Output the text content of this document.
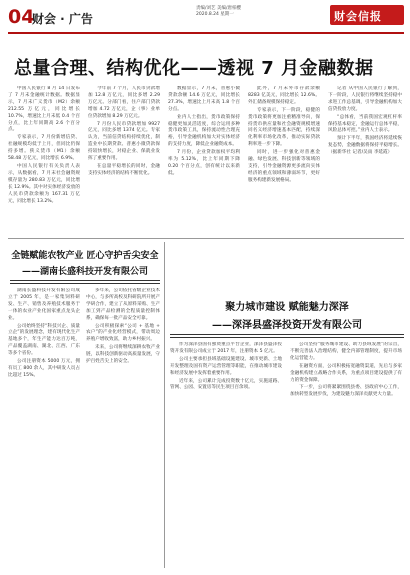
04
财会 · 广告
责编/刘艺 美编/唐柏樱
2020.8.24 星期一	财会信报
总量合理、结构优化——透视 7 月金融数据

中国人民银行 8 月 14 日发布了 7 月末金融统计数据。数据显示，7 月末广义货币（M2）余额 212.55 万亿元，同比增长 10.7%，增速比上月末低 0.4 个百分点，比上年同期高 2.6 个百分点。

专家表示，7 月份新增信贷、社融规模均低于上月，但同比仍保持多增。狭义货币（M1）余额 58.48 万亿元，同比增长 6.9%。

中国人民银行有关负责人表示，从数据看，7 月末社会融资规模存量为 280.83 万亿元，同比增长 12.9%。其中对实体经济发放的人民币贷款余额为 167.31 万亿元，同比增长 13.2%。

今年前 7 个月，人民币贷款增加 12.8 万亿元，同比多增 2.29 万亿元。分部门看，住户部门贷款增加 4.72 万亿元，企（事）业单位贷款增加 8.29 万亿元。

7 月份人民币贷款增加 9927 亿元，同比多增 1374 亿元。专家认为，当前信贷结构持续优化，制造业中长期贷款、普惠小微贷款保持较快增长，对稳企业、保就业发挥了重要作用。

在总量平稳增长的同时，金融支持实体经济的结构不断优化。

数据显示，7 月末，普惠小微贷款余额 14.6 万亿元，同比增长 27.3%，增速比上月末高 1.8 个百分点。

业内人士指出，货币政策保持稳健更加灵活适度，综合运用多种货币政策工具，保持流动性合理充裕，引导金融机构加大对实体经济的支持力度，降低企业融资成本。

7 月份，企业贷款加权平均利率为 5.12%，比上年同期下降 0.20 个百分点，创有统计以来新低。

此外，7 月末外币存款余额 8283 亿美元，同比增长 12.6%。外汇储备规模保持稳定。

专家表示，下一阶段，稳健的货币政策将更加注重精准导向，保持货币供应量和社会融资规模增速同名义经济增速基本匹配，持续深化利率市场化改革，推动实际贷款利率进一步下降。

同时，进一步强化对普惠金融、绿色发展、科技创新等领域的支持，引导金融资源更多流向实体经济的重点领域和薄弱环节，更好服务构建新发展格局。

记者 从中国人民银行了解到，下一阶段，人民银行将继续坚持稳中求进工作总基调，引导金融机构加大信贷投放力度。

“总体看，当前我国宏观杠杆率保持基本稳定，金融运行总体平稳，风险总体可控。”业内人士表示。

预计下半年，我国经济将延续恢复态势，金融数据将保持平稳增长。（据新华社 记者/吴雨 李延霞）

全链赋能农牧产业 匠心守护舌尖安全
——湖南长盛科技开发有限公司

湖南长盛科技开发有限公司成立于 2005 年，是一家集饲料研发、生产、销售及养殖技术服务于一体的农业产业化国家重点龙头企业。

公司始终坚持“科技兴企、质量立企”的发展理念，建有现代化生产基地多个，年生产能力达百万吨，产品覆盖湖南、湖北、江西、广东等多个省份。

公司注册资本 5000 万元，拥有员工 800 余人，其中研发人员占比超过 15%。

多年来，公司依托省级企业技术中心，与多所高校及科研院所开展产学研合作，建立了从原料采购、生产加工到产品检测的全程质量控制体系，确保每一批产品安全可靠。

公司积极探索“公司 + 基地 + 农户”的产业化经营模式，带动周边养殖户增收致富，助力乡村振兴。

未来，公司将继续深耕农牧产业链，以科技创新驱动高质量发展，守护百姓舌尖上的安全。

聚力城市建设 赋能魅力深泽
——深泽县盛泽投资开发有限公司

作为深泽县国有独资重点平台企业，深泽县盛泽投资开发有限公司成立于 2017 年，注册资本 5 亿元。

公司主要承担县域基础设施建设、城市更新、土地开发整理及国有资产运营管理等职能，在推动城市建设和经济发展中发挥着重要作用。

近年来，公司累计完成投资数十亿元，实施道路、管网、公园、安置房等民生项目百余项。

公司坚持“服务城市建设、助力县域发展”的宗旨，不断完善法人治理结构，健全内部管理制度，提升市场化运营能力。

在融资方面，公司积极拓宽融资渠道，先后与多家金融机构建立战略合作关系，为重点项目建设提供了有力的资金保障。

下一步，公司将紧紧围绕县委、县政府中心工作，加快转型发展步伐，为建设魅力深泽贡献更大力量。
